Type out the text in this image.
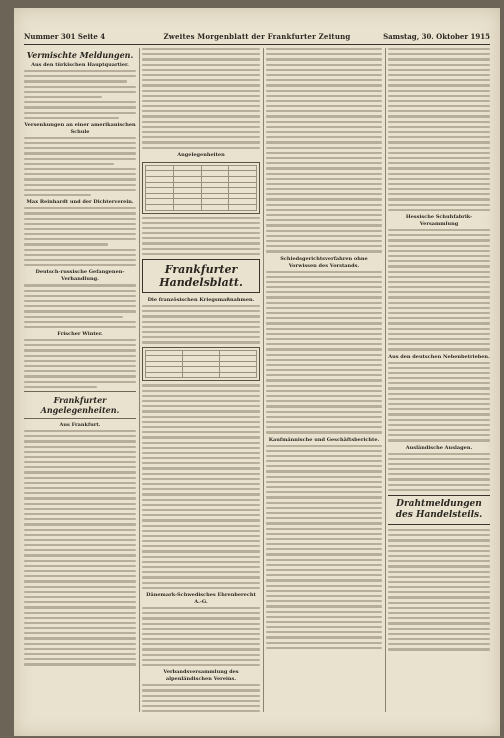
Nummer 301 Seite 4	Zweites Morgenblatt der Frankfurter Zeitung	Samstag, 30. Oktober 1915
Vermischte Meldungen.
Aus den türkischen Hauptquartier.
Versenkungen an einer amerikanischen Schule
Max Reinhardt und der Dichterverein.
Deutsch-russische Gefangenen-Verhandlung.
Frischer Winter.
Frankfurter Angelegenheiten.
Aus Frankfurt.
Angelegenheiten

Frankfurter Handelsblatt.
Die französischen Kriegsmaßnahmen.

Dänemark-Schwedisches Ehrenberecht A.-G.
Verbandsversammlung des alpenländischen Vereins.
Schiedsgerichtsverfahren ohne Vorwissen des Vorstands.
Kaufmännische und Geschäftsberichte.
Hessische Schuhfabrik-Versammlung
Aus den deutschen Nebenbetrieben.
Ausländische Auslagen.
Drahtmeldungen des Handelsteils.
